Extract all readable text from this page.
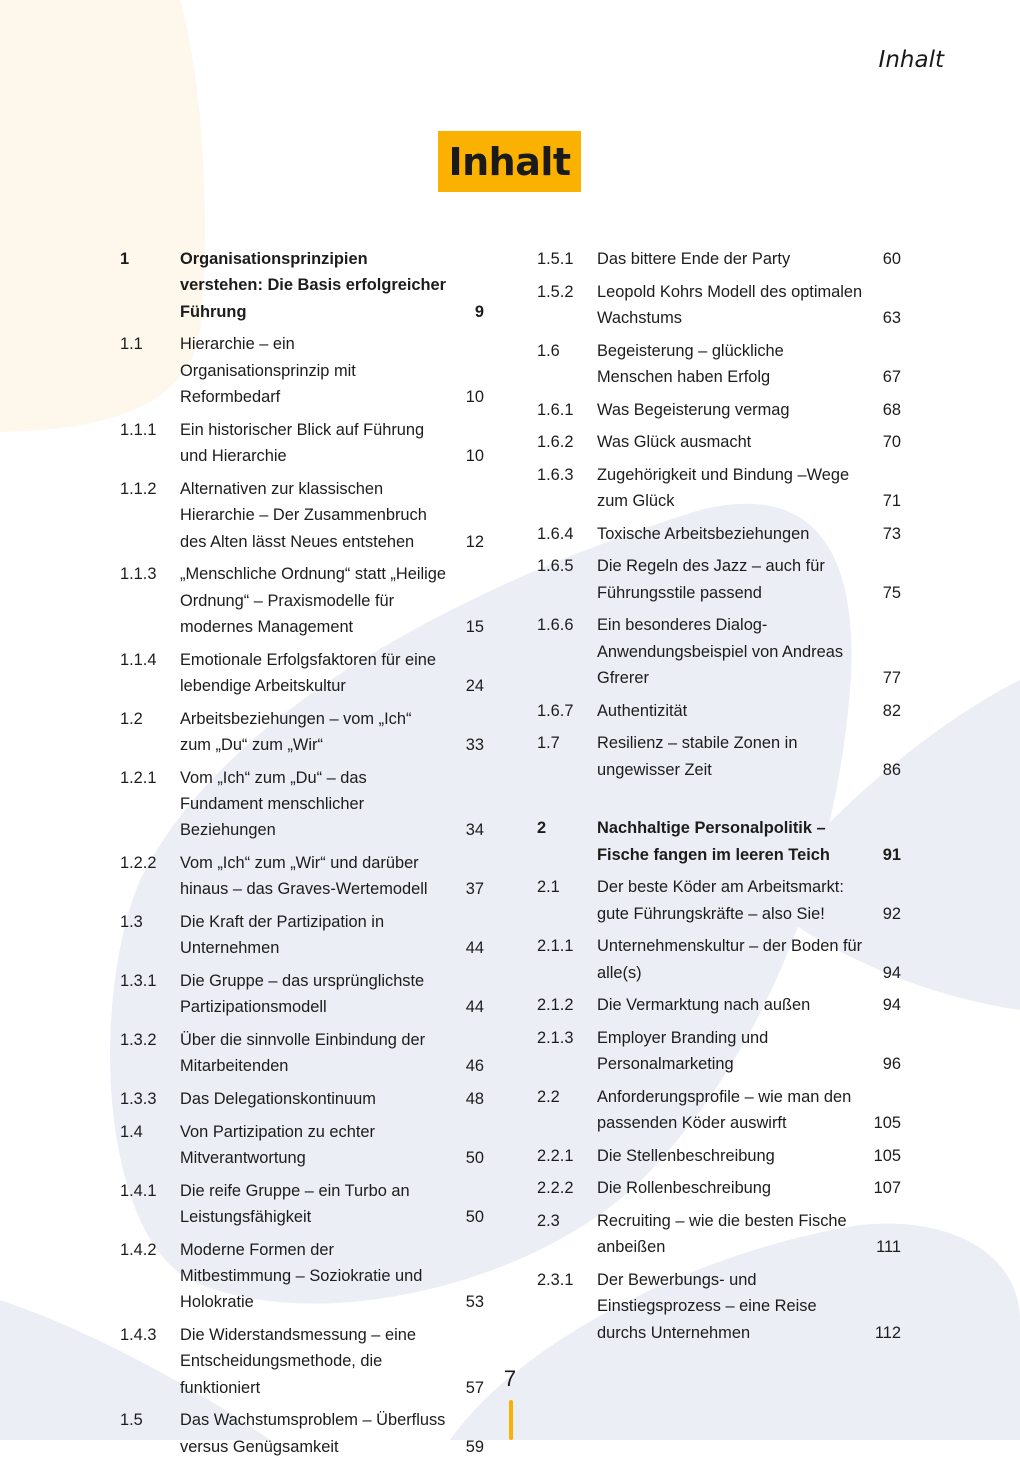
Inhalt
Inhalt
1	Organisationsprinzipien verstehen: Die Basis erfolgreicher Führung	9
1.1	Hierarchie – ein Organisationsprinzip mit Reformbedarf	10
1.1.1	Ein historischer Blick auf Führung und Hierarchie	10
1.1.2	Alternativen zur klassischen Hierarchie – Der Zusammenbruch des Alten lässt Neues entstehen	12
1.1.3	„Menschliche Ordnung“ statt „Heilige Ordnung“ – Praxismodelle für modernes Management	15
1.1.4	Emotionale Erfolgsfaktoren für eine lebendige Arbeitskultur	24
1.2	Arbeitsbeziehungen – vom „Ich“ zum „Du“ zum „Wir“	33
1.2.1	Vom „Ich“ zum „Du“ – das Fundament menschlicher Beziehungen	34
1.2.2	Vom „Ich“ zum „Wir“ und darüber hinaus – das Graves-Wertemodell	37
1.3	Die Kraft der Partizipation in Unternehmen	44
1.3.1	Die Gruppe – das ursprünglichste Partizipationsmodell	44
1.3.2	Über die sinnvolle Einbindung der Mitarbeitenden	46
1.3.3	Das Delegationskontinuum	48
1.4	Von Partizipation zu echter Mitverantwortung	50
1.4.1	Die reife Gruppe – ein Turbo an Leistungsfähigkeit	50
1.4.2	Moderne Formen der Mitbestimmung – Soziokratie und Holokratie	53
1.4.3	Die Widerstandsmessung – eine Entscheidungsmethode, die funktioniert	57
1.5	Das Wachstumsproblem – Überfluss versus Genügsamkeit	59
1.5.1	Das bittere Ende der Party	60
1.5.2	Leopold Kohrs Modell des optimalen Wachstums	63
1.6	Begeisterung – glückliche Menschen haben Erfolg	67
1.6.1	Was Begeisterung vermag	68
1.6.2	Was Glück ausmacht	70
1.6.3	Zugehörigkeit und Bindung –Wege zum Glück	71
1.6.4	Toxische Arbeitsbeziehungen	73
1.6.5	Die Regeln des Jazz – auch für Führungsstile passend	75
1.6.6	Ein besonderes Dialog-Anwendungsbeispiel von Andreas Gfrerer	77
1.6.7	Authentizität	82
1.7	Resilienz – stabile Zonen in ungewisser Zeit	86
2	Nachhaltige Personalpolitik – Fische fangen im leeren Teich	91
2.1	Der beste Köder am Arbeitsmarkt: gute Führungskräfte – also Sie!	92
2.1.1	Unternehmenskultur – der Boden für alle(s)	94
2.1.2	Die Vermarktung nach außen	94
2.1.3	Employer Branding und Personalmarketing	96
2.2	Anforderungsprofile – wie man den passenden Köder auswirft	105
2.2.1	Die Stellenbeschreibung	105
2.2.2	Die Rollenbeschreibung	107
2.3	Recruiting – wie die besten Fische anbeißen	111
2.3.1	Der Bewerbungs- und Einstiegsprozess – eine Reise durchs Unternehmen	112
7
